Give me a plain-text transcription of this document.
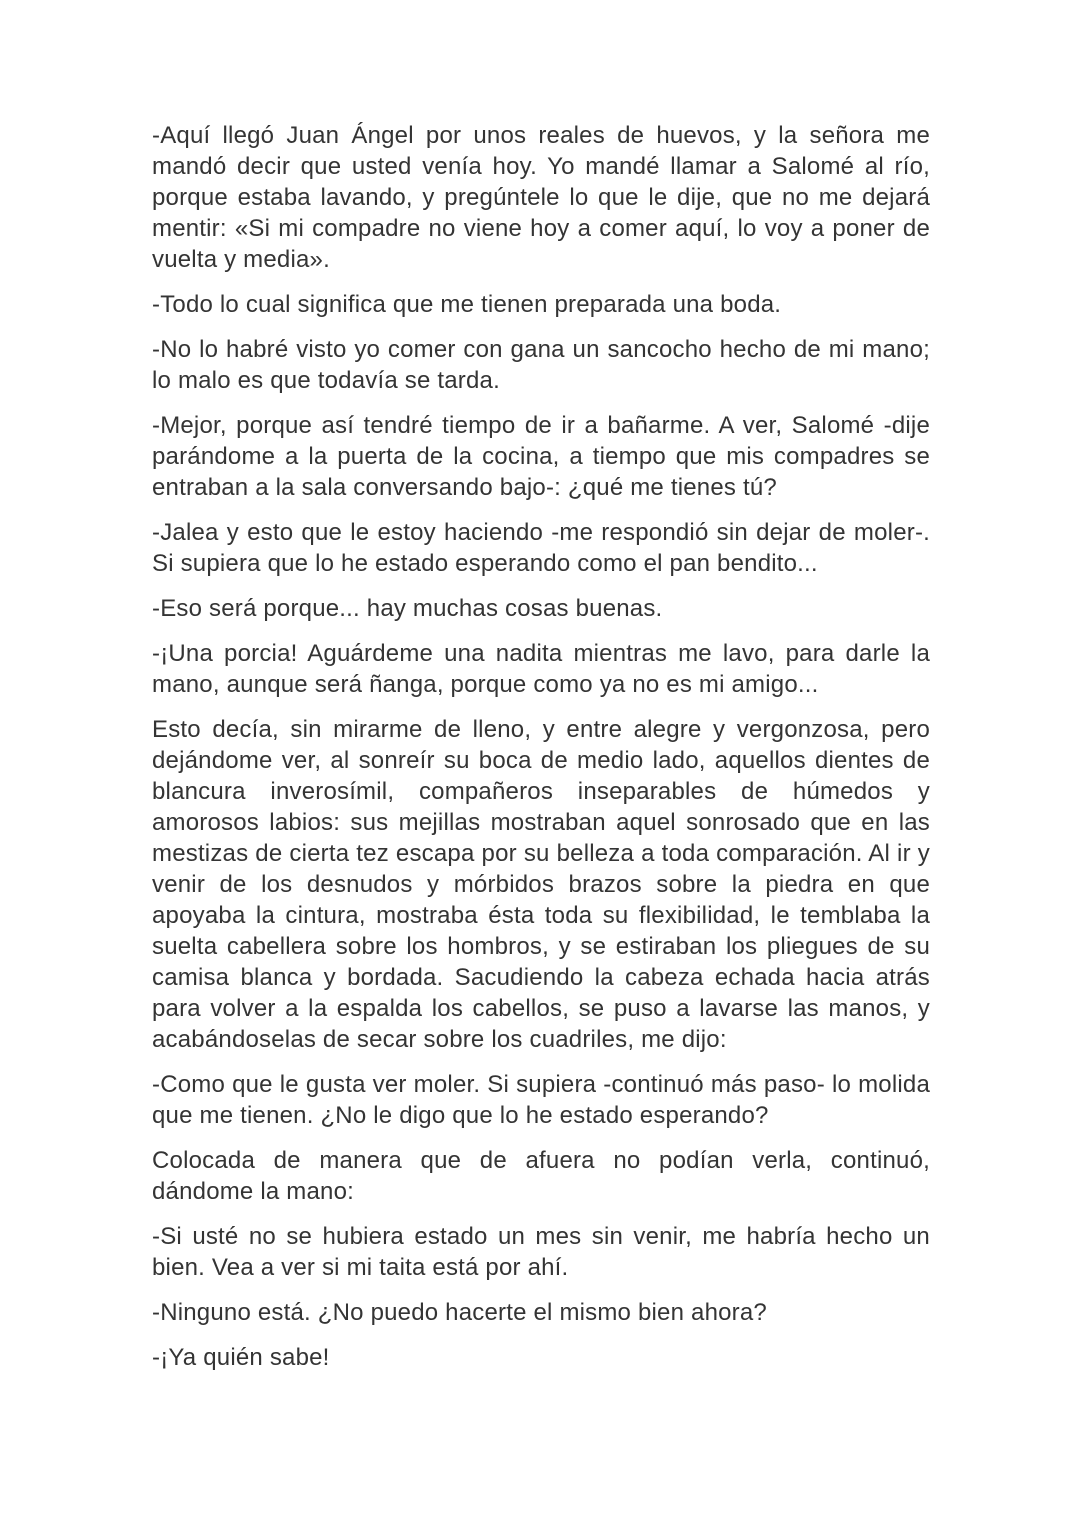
-Aquí llegó Juan Ángel por unos reales de huevos, y la señora me mandó decir que usted venía hoy. Yo mandé llamar a Salomé al río, porque estaba lavando, y pregúntele lo que le dije, que no me dejará mentir: «Si mi compadre no viene hoy a comer aquí, lo voy a poner de vuelta y media».

-Todo lo cual significa que me tienen preparada una boda.

-No lo habré visto yo comer con gana un sancocho hecho de mi mano; lo malo es que todavía se tarda.

-Mejor, porque así tendré tiempo de ir a bañarme. A ver, Salomé -dije parándome a la puerta de la cocina, a tiempo que mis compadres se entraban a la sala conversando bajo-: ¿qué me tienes tú?

-Jalea y esto que le estoy haciendo -me respondió sin dejar de moler-. Si supiera que lo he estado esperando como el pan bendito...

-Eso será porque... hay muchas cosas buenas.

-¡Una porcia! Aguárdeme una nadita mientras me lavo, para darle la mano, aunque será ñanga, porque como ya no es mi amigo...

Esto decía, sin mirarme de lleno, y entre alegre y vergonzosa, pero dejándome ver, al sonreír su boca de medio lado, aquellos dientes de blancura inverosímil, compañeros inseparables de húmedos y amorosos labios: sus mejillas mostraban aquel sonrosado que en las mestizas de cierta tez escapa por su belleza a toda comparación. Al ir y venir de los desnudos y mórbidos brazos sobre la piedra en que apoyaba la cintura, mostraba ésta toda su flexibilidad, le temblaba la suelta cabellera sobre los hombros, y se estiraban los pliegues de su camisa blanca y bordada. Sacudiendo la cabeza echada hacia atrás para volver a la espalda los cabellos, se puso a lavarse las manos, y acabándoselas de secar sobre los cuadriles, me dijo:

-Como que le gusta ver moler. Si supiera -continuó más paso- lo molida que me tienen. ¿No le digo que lo he estado esperando?

Colocada de manera que de afuera no podían verla, continuó, dándome la mano:

-Si usté no se hubiera estado un mes sin venir, me habría hecho un bien. Vea a ver si mi taita está por ahí.

-Ninguno está. ¿No puedo hacerte el mismo bien ahora?

-¡Ya quién sabe!
